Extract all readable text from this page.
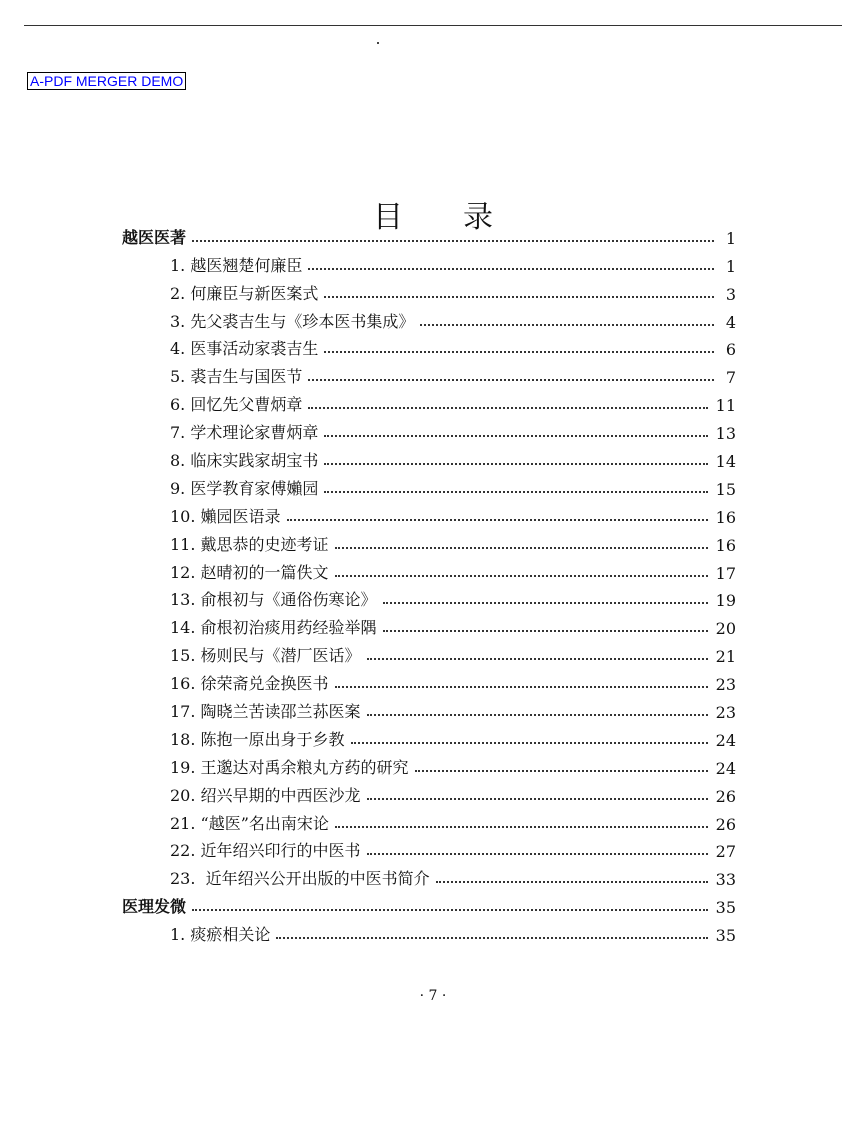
A-PDF MERGER DEMO
目录
越医医著	1
1. 越医翘楚何廉臣	1
2. 何廉臣与新医案式	3
3. 先父裘吉生与《珍本医书集成》	4
4. 医事活动家裘吉生	6
5. 裘吉生与国医节	7
6. 回忆先父曹炳章	11
7. 学术理论家曹炳章	13
8. 临床实践家胡宝书	14
9. 医学教育家傅嬾园	15
10. 嬾园医语录	16
11. 戴思恭的史迹考证	16
12. 赵晴初的一篇佚文	17
13. 俞根初与《通俗伤寒论》	19
14. 俞根初治痰用药经验举隅	20
15. 杨则民与《潜厂医话》	21
16. 徐荣斋兑金换医书	23
17. 陶晓兰苦读邵兰荪医案	23
18. 陈抱一原出身于乡教	24
19. 王邈达对禹余粮丸方药的研究	24
20. 绍兴早期的中西医沙龙	26
21. “越医”名出南宋论	26
22. 近年绍兴印行的中医书	27
23.  近年绍兴公开出版的中医书简介	33
医理发微	35
1. 痰瘀相关论	35
· 7 ·
